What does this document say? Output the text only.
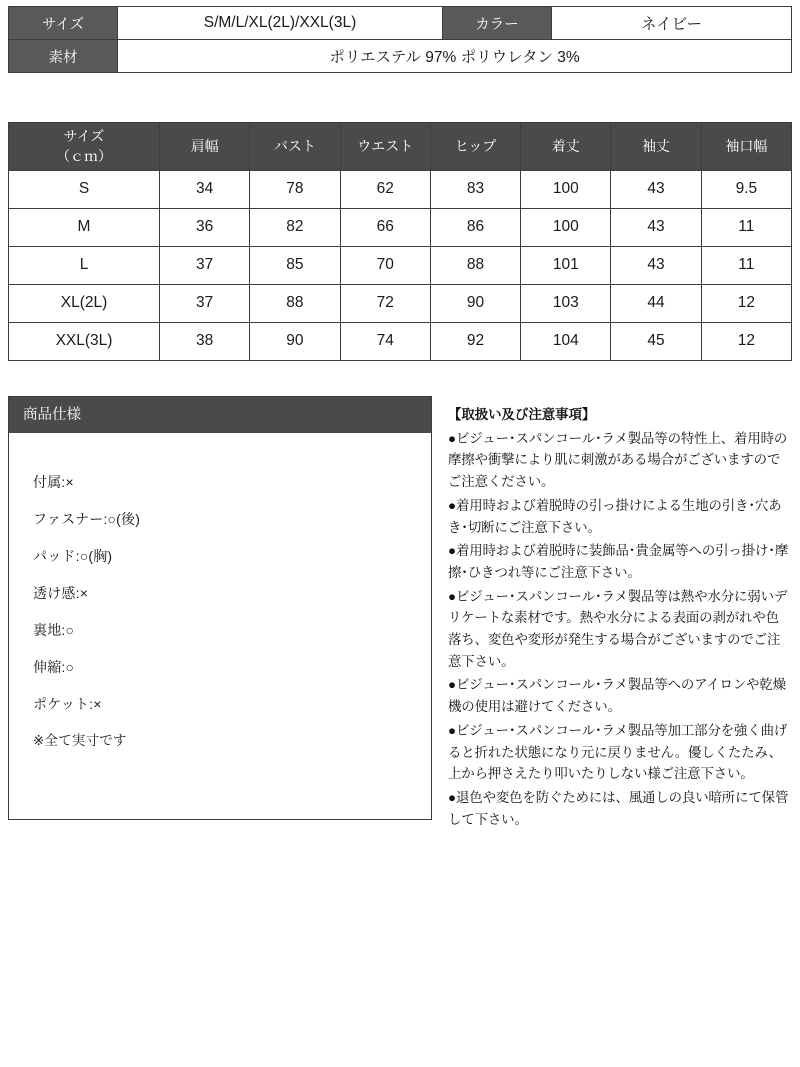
サイズ	S/M/L/XL(2L)/XXL(3L)	カラー	ネイビー
素材	ポリエステル 97% ポリウレタン 3%		
サイズ
（ｃｍ）	肩幅	バスト	ウエスト	ヒップ	着丈	袖丈	袖口幅
S	34	78	62	83	100	43	9.5
M	36	82	66	86	100	43	11
L	37	85	70	88	101	43	11
XL(2L)	37	88	72	90	103	44	12
XXL(3L)	38	90	74	92	104	45	12
商品仕様
付属:×
ファスナー:○(後)
パッド:○(胸)
透け感:×
裏地:○
伸縮:○
ポケット:×
※全て実寸です
【取扱い及び注意事項】

●ビジュー･スパンコール･ラメ製品等の特性上、着用時の摩擦や衝撃により肌に刺激がある場合がございますのでご注意ください。

●着用時および着脱時の引っ掛けによる生地の引き･穴あき･切断にご注意下さい。

●着用時および着脱時に装飾品･貴金属等への引っ掛け･摩擦･ひきつれ等にご注意下さい。

●ビジュー･スパンコール･ラメ製品等は熱や水分に弱いデリケートな素材です。熱や水分による表面の剥がれや色落ち、変色や変形が発生する場合がございますのでご注意下さい。

●ビジュー･スパンコール･ラメ製品等へのアイロンや乾燥機の使用は避けてください。

●ビジュー･スパンコール･ラメ製品等加工部分を強く曲げると折れた状態になり元に戻りません。優しくたたみ、上から押さえたり叩いたりしない様ご注意下さい。

●退色や変色を防ぐためには、風通しの良い暗所にて保管して下さい。
